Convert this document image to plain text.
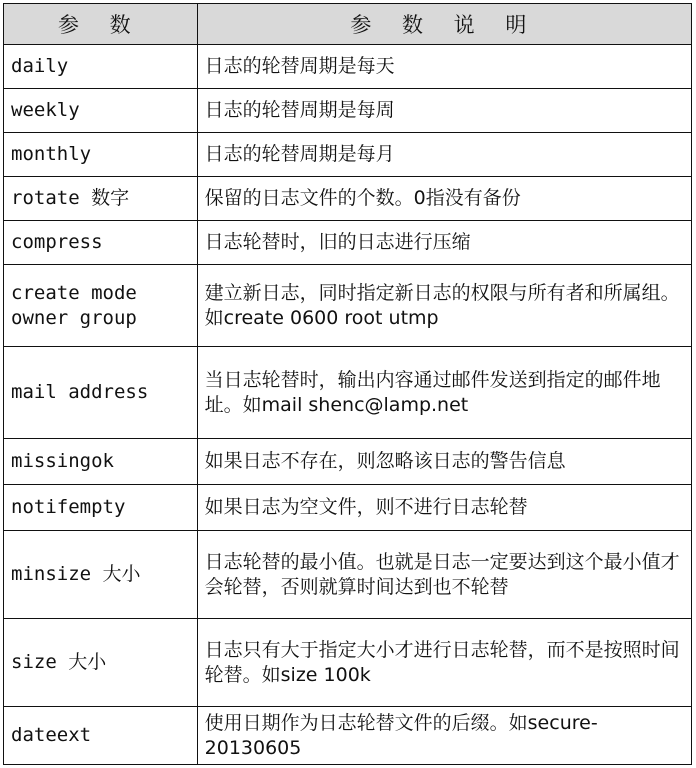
参 数	参 数 说 明
daily	日志的轮替周期是每天
weekly	日志的轮替周期是每周
monthly	日志的轮替周期是每月
rotate 数字	保留的日志文件的个数。0指没有备份
compress	日志轮替时，旧的日志进行压缩
create mode owner group	建立新日志，同时指定新日志的权限与所有者和所属组。如create 0600 root utmp
mail address	当日志轮替时，输出内容通过邮件发送到指定的邮件地址。如mail shenc@lamp.net
missingok	如果日志不存在，则忽略该日志的警告信息
notifempty	如果日志为空文件，则不进行日志轮替
minsize 大小	日志轮替的最小值。也就是日志一定要达到这个最小值才会轮替，否则就算时间达到也不轮替
size 大小	日志只有大于指定大小才进行日志轮替，而不是按照时间轮替。如size 100k
dateext	使用日期作为日志轮替文件的后缀。如secure-20130605
